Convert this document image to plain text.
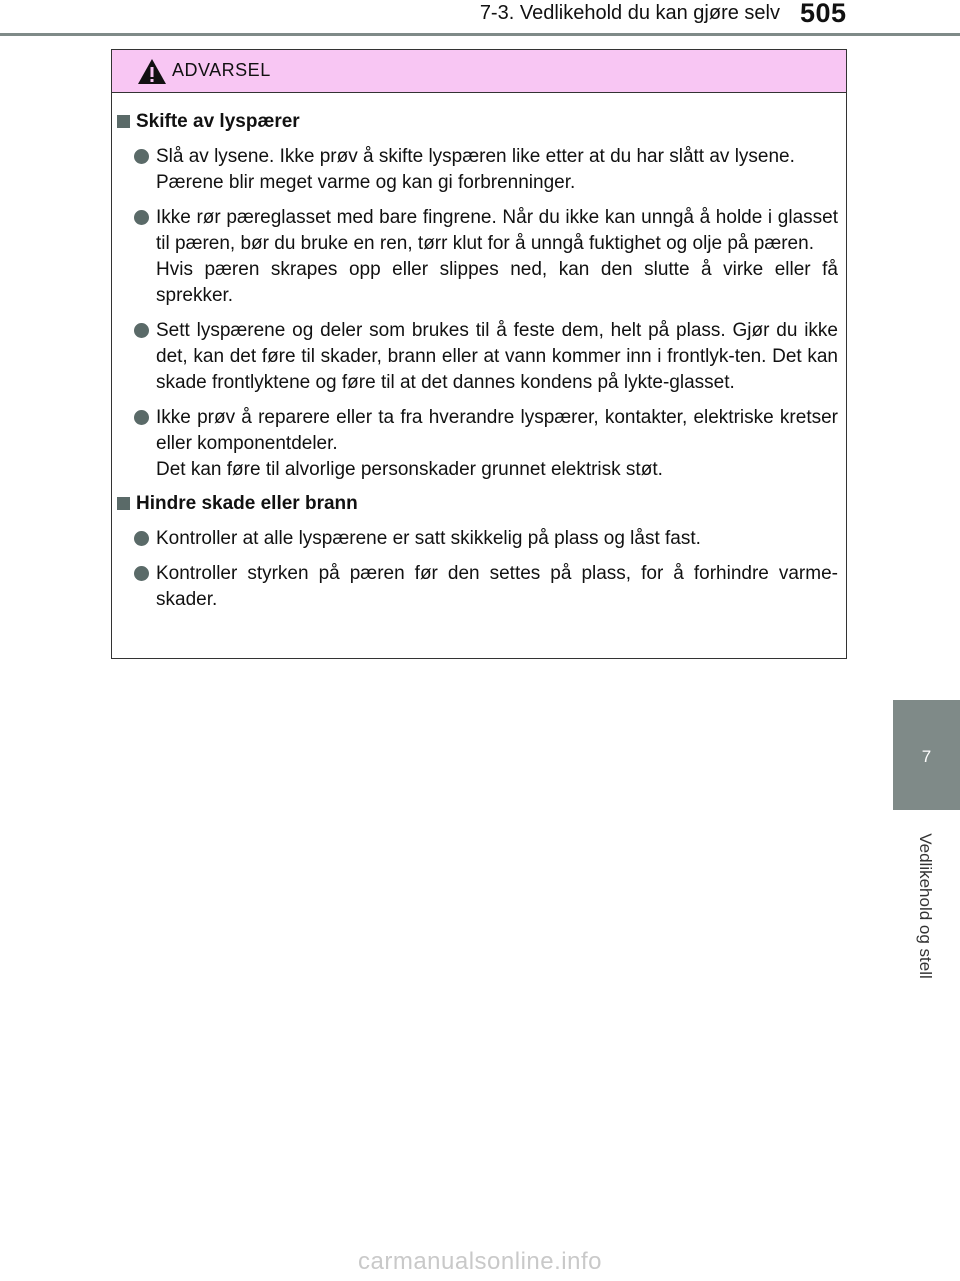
7-3. Vedlikehold du kan gjøre selv 505
7
Vedlikehold og stell
ADVARSEL
Skifte av lyspærer

Slå av lysene. Ikke prøv å skifte lyspæren like etter at du har slått av lysene.

Pærene blir meget varme og kan gi forbrenninger.

Ikke rør pæreglasset med bare fingrene. Når du ikke kan unngå å holde i glasset til pæren, bør du bruke en ren, tørr klut for å unngå fuktighet og olje på pæren.

Hvis pæren skrapes opp eller slippes ned, kan den slutte å virke eller få sprekker.

Sett lyspærene og deler som brukes til å feste dem, helt på plass. Gjør du ikke det, kan det føre til skader, brann eller at vann kommer inn i frontlyk-ten. Det kan skade frontlyktene og føre til at det dannes kondens på lykte-glasset.

Ikke prøv å reparere eller ta fra hverandre lyspærer, kontakter, elektriske kretser eller komponentdeler.

Det kan føre til alvorlige personskader grunnet elektrisk støt.

Hindre skade eller brann

Kontroller at alle lyspærene er satt skikkelig på plass og låst fast.

Kontroller styrken på pæren før den settes på plass, for å forhindre varme-skader.

carmanualsonline.info
